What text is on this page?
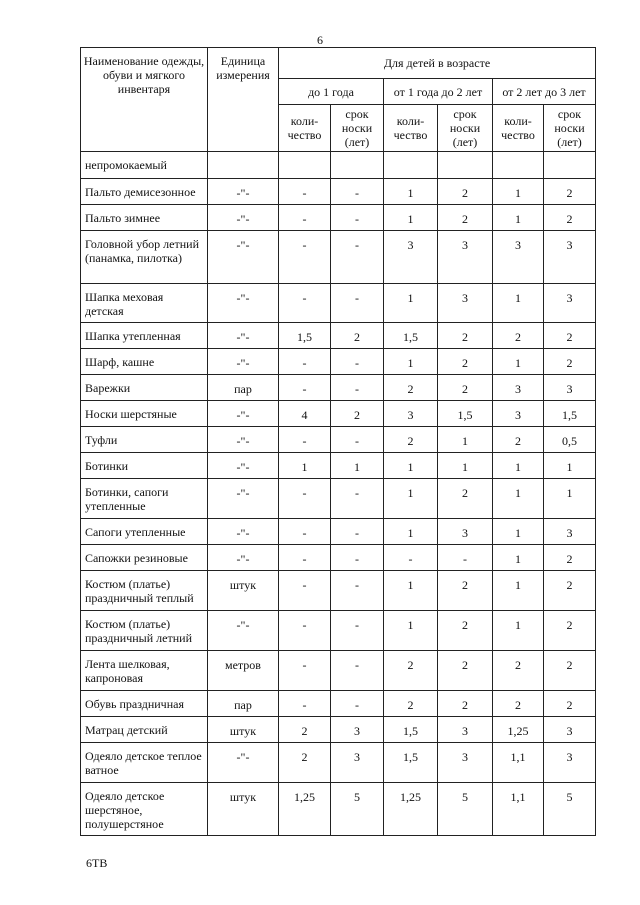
6
Наименование одежды, обуви и мягкого инвентаря	Единица измерения	Для детей в возрасте					
		до 1 года		от 1 года до 2 лет		от 2 лет до 3 лет	
		коли-чество	срок носки (лет)	коли-чество	срок носки (лет)	коли-чество	срок носки (лет)
непромокаемый							
Пальто демисезонное	-"-	-	-	1	2	1	2
Пальто зимнее	-"-	-	-	1	2	1	2
Головной убор летний (панамка, пилотка)	-"-	-	-	3	3	3	3
Шапка меховая детская	-"-	-	-	1	3	1	3
Шапка утепленная	-"-	1,5	2	1,5	2	2	2
Шарф, кашне	-"-	-	-	1	2	1	2
Варежки	пар	-	-	2	2	3	3
Носки шерстяные	-"-	4	2	3	1,5	3	1,5
Туфли	-"-	-	-	2	1	2	0,5
Ботинки	-"-	1	1	1	1	1	1
Ботинки, сапоги утепленные	-"-	-	-	1	2	1	1
Сапоги утепленные	-"-	-	-	1	3	1	3
Сапожки резиновые	-"-	-	-	-	-	1	2
Костюм (платье) праздничный теплый	штук	-	-	1	2	1	2
Костюм (платье) праздничный летний	-"-	-	-	1	2	1	2
Лента шелковая, капроновая	метров	-	-	2	2	2	2
Обувь праздничная	пар	-	-	2	2	2	2
Матрац детский	штук	2	3	1,5	3	1,25	3
Одеяло детское теплое ватное	-"-	2	3	1,5	3	1,1	3
Одеяло детское шерстяное, полушерстяное	штук	1,25	5	1,25	5	1,1	5
6ТВ
